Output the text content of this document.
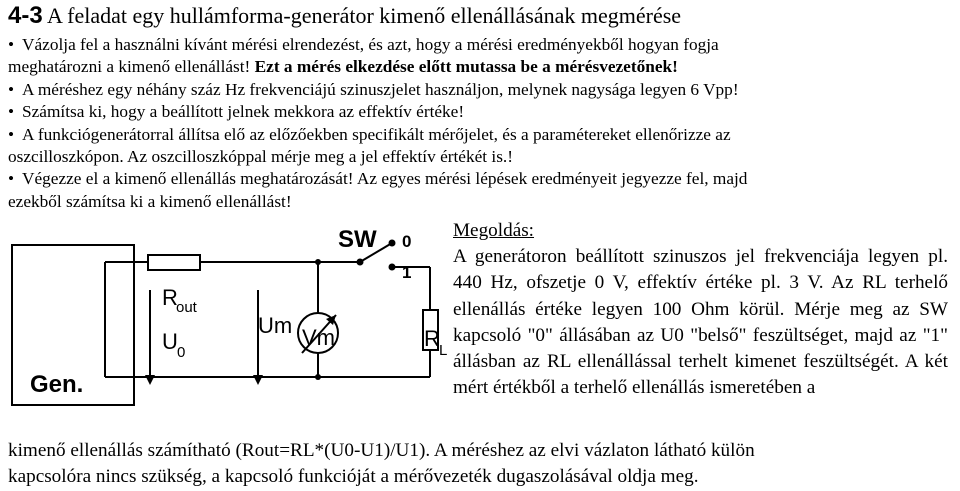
4-3 A feladat egy hullámforma-generátor kimenő ellenállásának megmérése
• Vázolja fel a használni kívánt mérési elrendezést, és azt, hogy a mérési eredményekből hogyan fogja
meghatározni a kimenő ellenállást! Ezt a mérés elkezdése előtt mutassa be a mérésvezetőnek!
• A méréshez egy néhány száz Hz frekvenciájú szinuszjelet használjon, melynek nagysága legyen 6 Vpp!
• Számítsa ki, hogy a beállított jelnek mekkora az effektív értéke!
• A funkciógenerátorral állítsa elő az előzőekben specifikált mérőjelet, és a paramétereket ellenőrizze az
oszcilloszkópon. Az oszcilloszkóppal mérje meg a jel effektív értékét is.!
• Végezze el a kimenő ellenállás meghatározását! Az egyes mérési lépések eredményeit jegyezze fel, majd
ezekből számítsa ki a kimenő ellenállást!
SW 0
1
R
out
U 0
Um Vm	R L
Gen.
Megoldás:
A generátoron beállított szinuszos jel frekvenciája legyen pl. 440 Hz, ofszetje 0 V, effektív értéke pl. 3 V. Az RL terhelő ellenállás értéke legyen 100 Ohm körül. Mérje meg az SW kapcsoló "0" állásában az U0 "belső" feszültséget, majd az "1" állásban az RL ellenállással terhelt kimenet feszültségét. A két mért értékből a terhelő ellenállás ismeretében a
kimenő ellenállás számítható (Rout=RL*(U0-U1)/U1). A méréshez az elvi vázlaton látható külön
kapcsolóra nincs szükség, a kapcsoló funkcióját a mérővezeték dugaszolásával oldja meg.
